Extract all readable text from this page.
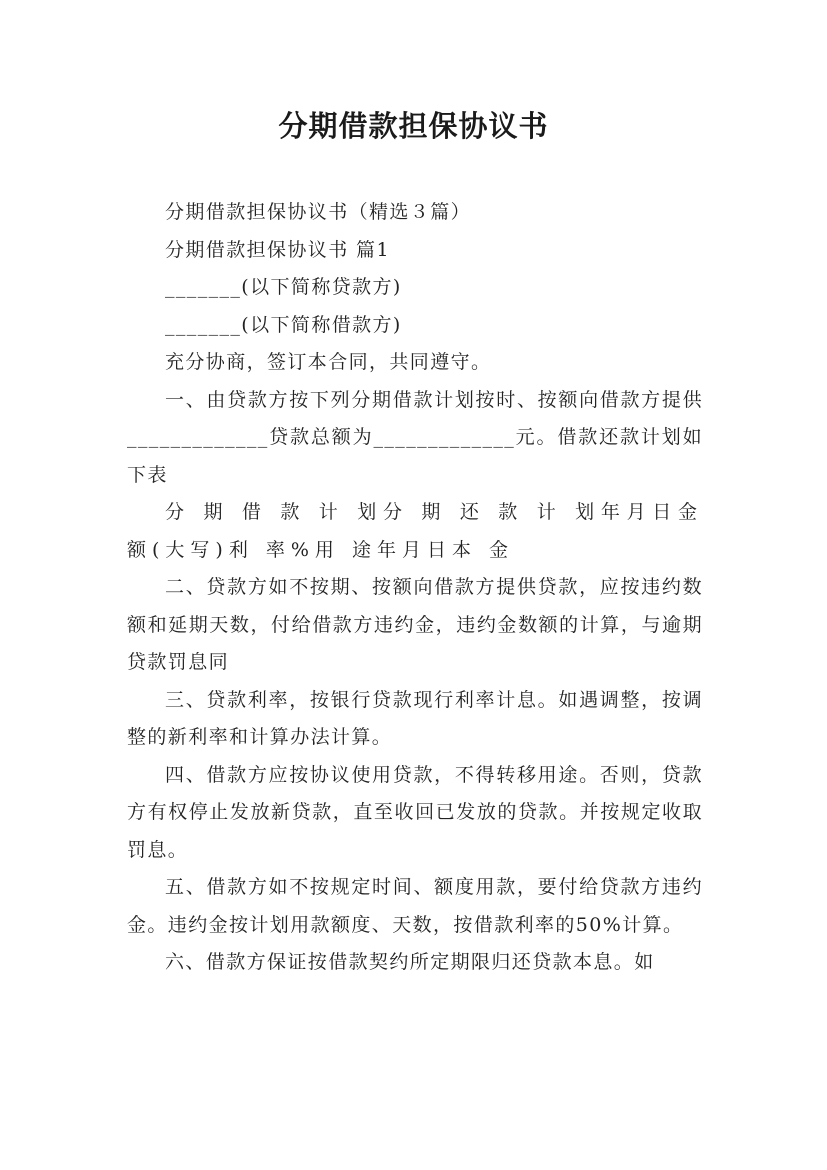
分期借款担保协议书

分期借款担保协议书（精选３篇）

分期借款担保协议书 篇1

_______(以下简称贷款方)

_______(以下简称借款方)

充分协商，签订本合同，共同遵守。

一、由贷款方按下列分期借款计划按时、按额向借款方提供_____________贷款总额为_____________元。借款还款计划如下表

分 期 借 款 计 划分 期 还 款 计 划年月日金额(大写)利 率%用 途年月日本 金

二、贷款方如不按期、按额向借款方提供贷款，应按违约数额和延期天数，付给借款方违约金，违约金数额的计算，与逾期贷款罚息同

三、贷款利率，按银行贷款现行利率计息。如遇调整，按调整的新利率和计算办法计算。

四、借款方应按协议使用贷款，不得转移用途。否则，贷款方有权停止发放新贷款，直至收回已发放的贷款。并按规定收取罚息。

五、借款方如不按规定时间、额度用款，要付给贷款方违约金。违约金按计划用款额度、天数，按借款利率的50%计算。

六、借款方保证按借款契约所定期限归还贷款本息。如
